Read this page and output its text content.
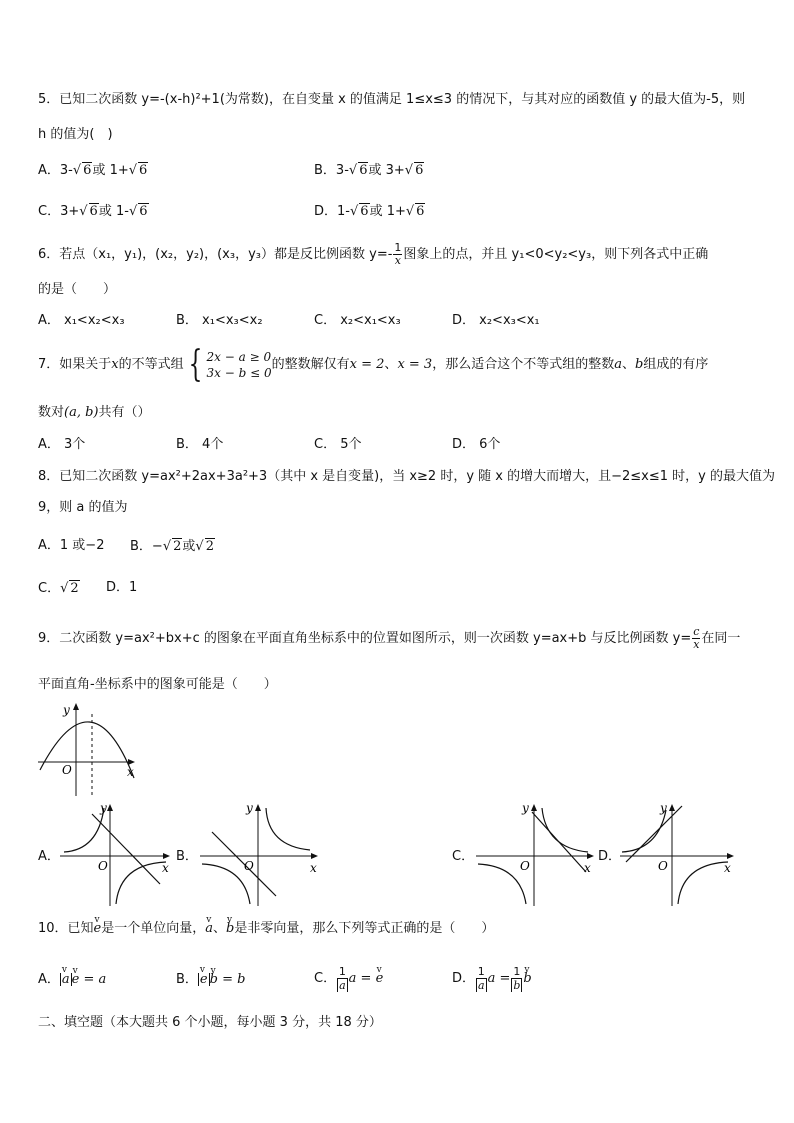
5．已知二次函数 y=-(x-h)²+1(为常数)，在自变量 x 的值满足 1≤x≤3 的情况下，与其对应的函数值 y 的最大值为-5，则
h 的值为(　)
A．3-√ 6或 1+√ 6	B．3-√ 6或 3+√ 6
C．3+√ 6或 1-√ 6	D．1-√ 6或 1+√ 6
6．若点（x₁，y₁)，(x₂，y₂)，(x₃，y₃）都是反比例函数 $y=- \frac{1}{x}$ 图象上的点，并且 y₁<0<y₂<y₃，则下列各式中正确
的是（　　）
A． x₁<x₂<x₃	B． x₁<x₃<x₂	C． x₂<x₁<x₃	D． x₂<x₃<x₁
7．如果关于x的不等式组 { 2x − a ≥ 0
3x − b ≤ 0
的整数解仅有x = 2、x = 3，那么适合这个不等式组的整数a、b组成的有序
数对(a, b)共有（）
A． 3个	B． 4个	C． 5个	D． 6个
8．已知二次函数 y=ax²+2ax+3a²+3（其中 x 是自变量)，当 x≥2 时，y 随 x 的增大而增大，且−2≤x≤1 时，y 的最大值为
9，则 a 的值为
A．1 或−2 B．−√ 2或√ 2
C．√ 2 D．1
9．二次函数 y=ax²+bx+c 的图象在平面直角坐标系中的位置如图所示，则一次函数 y=ax+b 与反比例函数 $y= \frac{c}{x}$ 在同一
平面直角-坐标系中的图象可能是（　　）
y
x
O
A．
y
x
O
B．
y
x
O
C．
y
x
O
D．
y
x
O
10．已知v e是一个单位向量，v a、v b是非零向量，那么下列等式正确的是（　　）
A． v a v e = a	B． v e v b = b	C． $\frac{1}{a}$ a = v e	D． $\frac{1}{a}$ $a = \frac{1}{b}$ v b
二、填空题（本大题共 6 个小题，每小题 3 分，共 18 分）
